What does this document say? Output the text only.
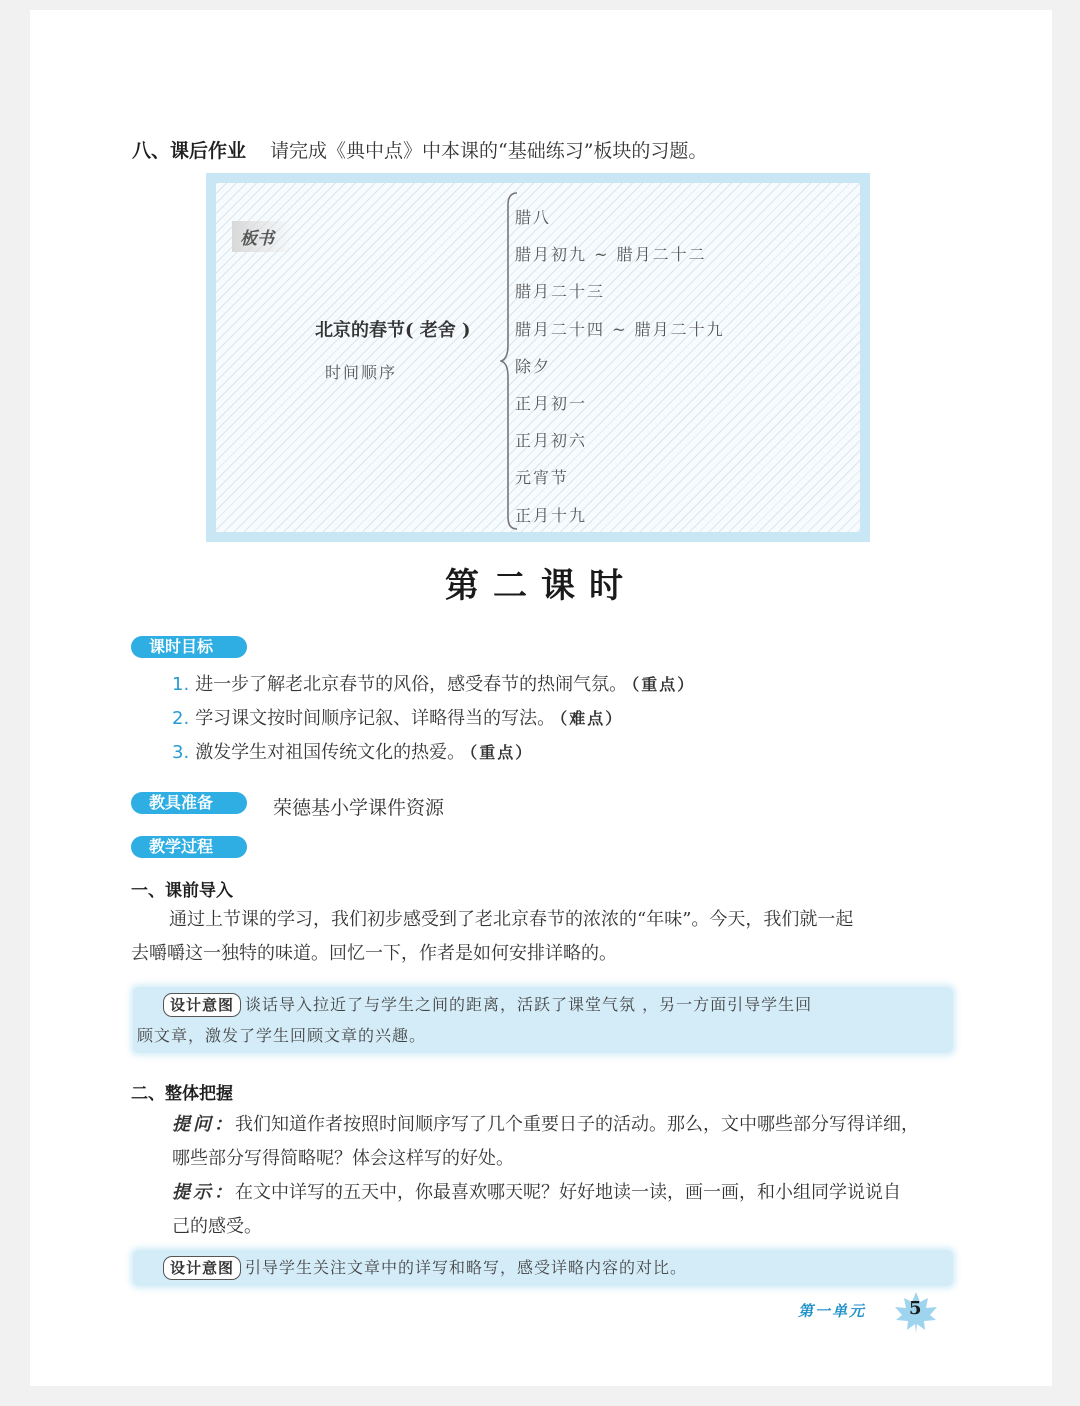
八、课后作业 请完成《典中点》中本课的“基础练习”板块的习题。
板书
北京的春节( 老舍 )
时间顺序
腊八
腊月初九 ~ 腊月二十二
腊月二十三
腊月二十四 ~ 腊月二十九
除夕
正月初一
正月初六
元宵节
正月十九
第二课时
课时目标
1. 进一步了解老北京春节的风俗，感受春节的热闹气氛。 （重点）
2. 学习课文按时间顺序记叙、详略得当的写法。 （难点）
3. 激发学生对祖国传统文化的热爱。 （重点）
教具准备	荣德基小学课件资源
教学过程
一、课前导入
通过上节课的学习，我们初步感受到了老北京春节的浓浓的“年味”。今天，我们就一起
去嚼嚼这一独特的味道。回忆一下，作者是如何安排详略的。
设计意图 谈话导入拉近了与学生之间的距离，活跃了课堂气氛 ，另一方面引导学生回
顾文章，激发了学生回顾文章的兴趣。
二、整体把握
提问：我们知道作者按照时间顺序写了几个重要日子的活动。那么，文中哪些部分写得详细，
哪些部分写得简略呢？体会这样写的好处。
提示：在文中详写的五天中，你最喜欢哪天呢？好好地读一读，画一画，和小组同学说说自
己的感受。
设计意图 引导学生关注文章中的详写和略写，感受详略内容的对比。
第一单元 5
